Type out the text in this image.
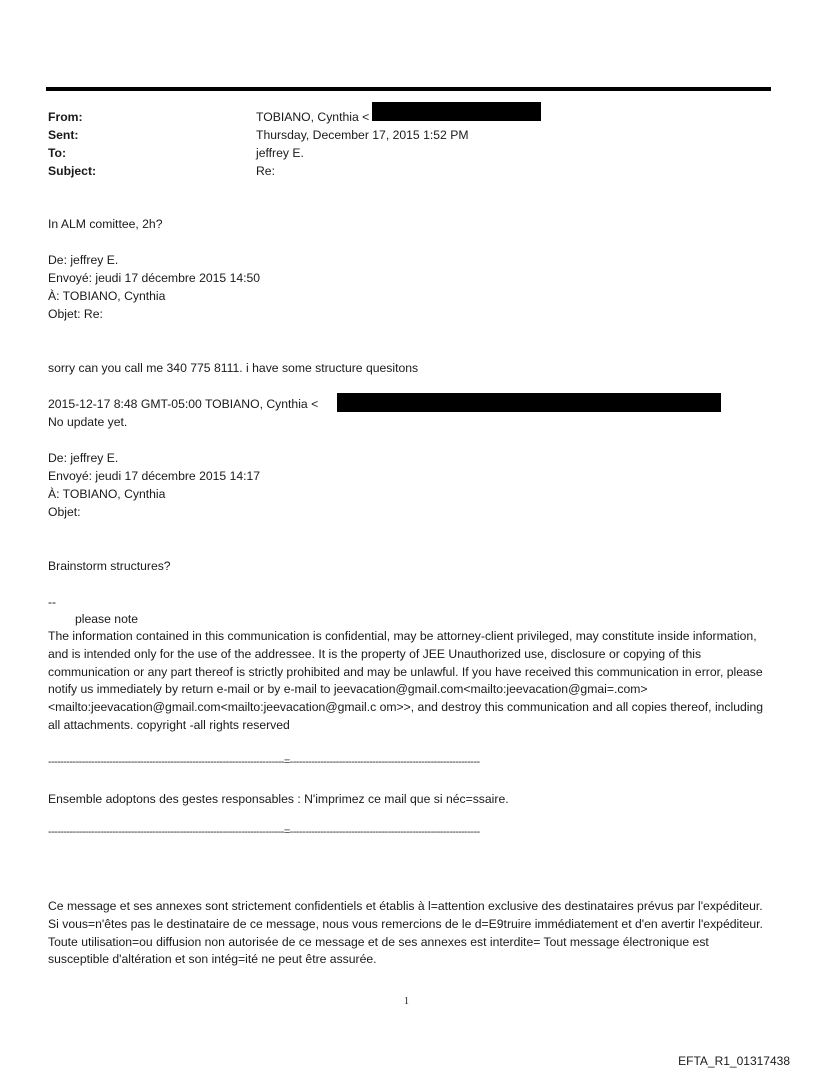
From:	TOBIANO, Cynthia <
Sent:	Thursday, December 17, 2015 1:52 PM
To:	jeffrey E.
Subject:	Re:
In ALM comittee, 2h?
De: jeffrey E.
Envoyé: jeudi 17 décembre 2015 14:50
À: TOBIANO, Cynthia
Objet: Re:
sorry can you call me 340 775 8111. i have some structure quesitons
2015-12-17 8:48 GMT-05:00 TOBIANO, Cynthia <
No update yet.
De: jeffrey E.
Envoyé: jeudi 17 décembre 2015 14:17
À: TOBIANO, Cynthia
Objet:
Brainstorm structures?
--
please note
The information contained in this communication is confidential, may be attorney-client privileged, may constitute inside information, and is intended only for the use of the addressee. It is the property of JEE Unauthorized use, disclosure or copying of this communication or any part thereof is strictly prohibited and may be unlawful. If you have received this communication in error, please notify us immediately by return e-mail or by e-mail to jeevacation@gmail.com<mailto:jeevacation@gmai=.com><mailto:jeevacation@gmail.com<mailto:jeevacation@gmail.c om>>, and destroy this communication and all copies thereof, including all attachments. copyright -all rights reserved
-----------------------------------------------------------------------------=--------------------------------------------------------------
Ensemble adoptons des gestes responsables : N'imprimez ce mail que si néc=ssaire.
-----------------------------------------------------------------------------=--------------------------------------------------------------
Ce message et ses annexes sont strictement confidentiels et établis à l=attention exclusive des destinataires prévus par l'expéditeur. Si vous=n'êtes pas le destinataire de ce message, nous vous remercions de le d=E9truire immédiatement et d'en avertir l'expéditeur. Toute utilisation=ou diffusion non autorisée de ce message et de ses annexes est interdite= Tout message électronique est susceptible d'altération et son intég=ité ne peut être assurée.
1
EFTA_R1_01317438
